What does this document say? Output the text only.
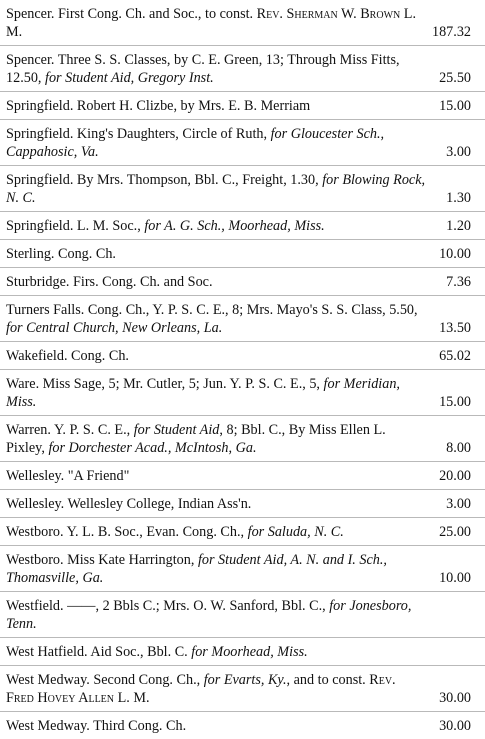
Spencer. First Cong. Ch. and Soc., to const. Rev. Sherman W. Brown L. M.	187.32
Spencer. Three S. S. Classes, by C. E. Green, 13; Through Miss Fitts, 12.50, for Student Aid, Gregory Inst.	25.50
Springfield. Robert H. Clizbe, by Mrs. E. B. Merriam	15.00
Springfield. King's Daughters, Circle of Ruth, for Gloucester Sch., Cappahosic, Va.	3.00
Springfield. By Mrs. Thompson, Bbl. C., Freight, 1.30, for Blowing Rock, N. C.	1.30
Springfield. L. M. Soc., for A. G. Sch., Moorhead, Miss.	1.20
Sterling. Cong. Ch.	10.00
Sturbridge. Firs. Cong. Ch. and Soc.	7.36
Turners Falls. Cong. Ch., Y. P. S. C. E., 8; Mrs. Mayo's S. S. Class, 5.50, for Central Church, New Orleans, La.	13.50
Wakefield. Cong. Ch.	65.02
Ware. Miss Sage, 5; Mr. Cutler, 5; Jun. Y. P. S. C. E., 5, for Meridian, Miss.	15.00
Warren. Y. P. S. C. E., for Student Aid, 8; Bbl. C., By Miss Ellen L. Pixley, for Dorchester Acad., McIntosh, Ga.	8.00
Wellesley. "A Friend"	20.00
Wellesley. Wellesley College, Indian Ass'n.	3.00
Westboro. Y. L. B. Soc., Evan. Cong. Ch., for Saluda, N. C.	25.00
Westboro. Miss Kate Harrington, for Student Aid, A. N. and I. Sch., Thomasville, Ga.	10.00
Westfield. ——, 2 Bbls C.; Mrs. O. W. Sanford, Bbl. C., for Jonesboro, Tenn.
West Hatfield. Aid Soc., Bbl. C. for Moorhead, Miss.
West Medway. Second Cong. Ch., for Evarts, Ky., and to const. Rev. Fred Hovey Allen L. M.	30.00
West Medway. Third Cong. Ch.	30.00
